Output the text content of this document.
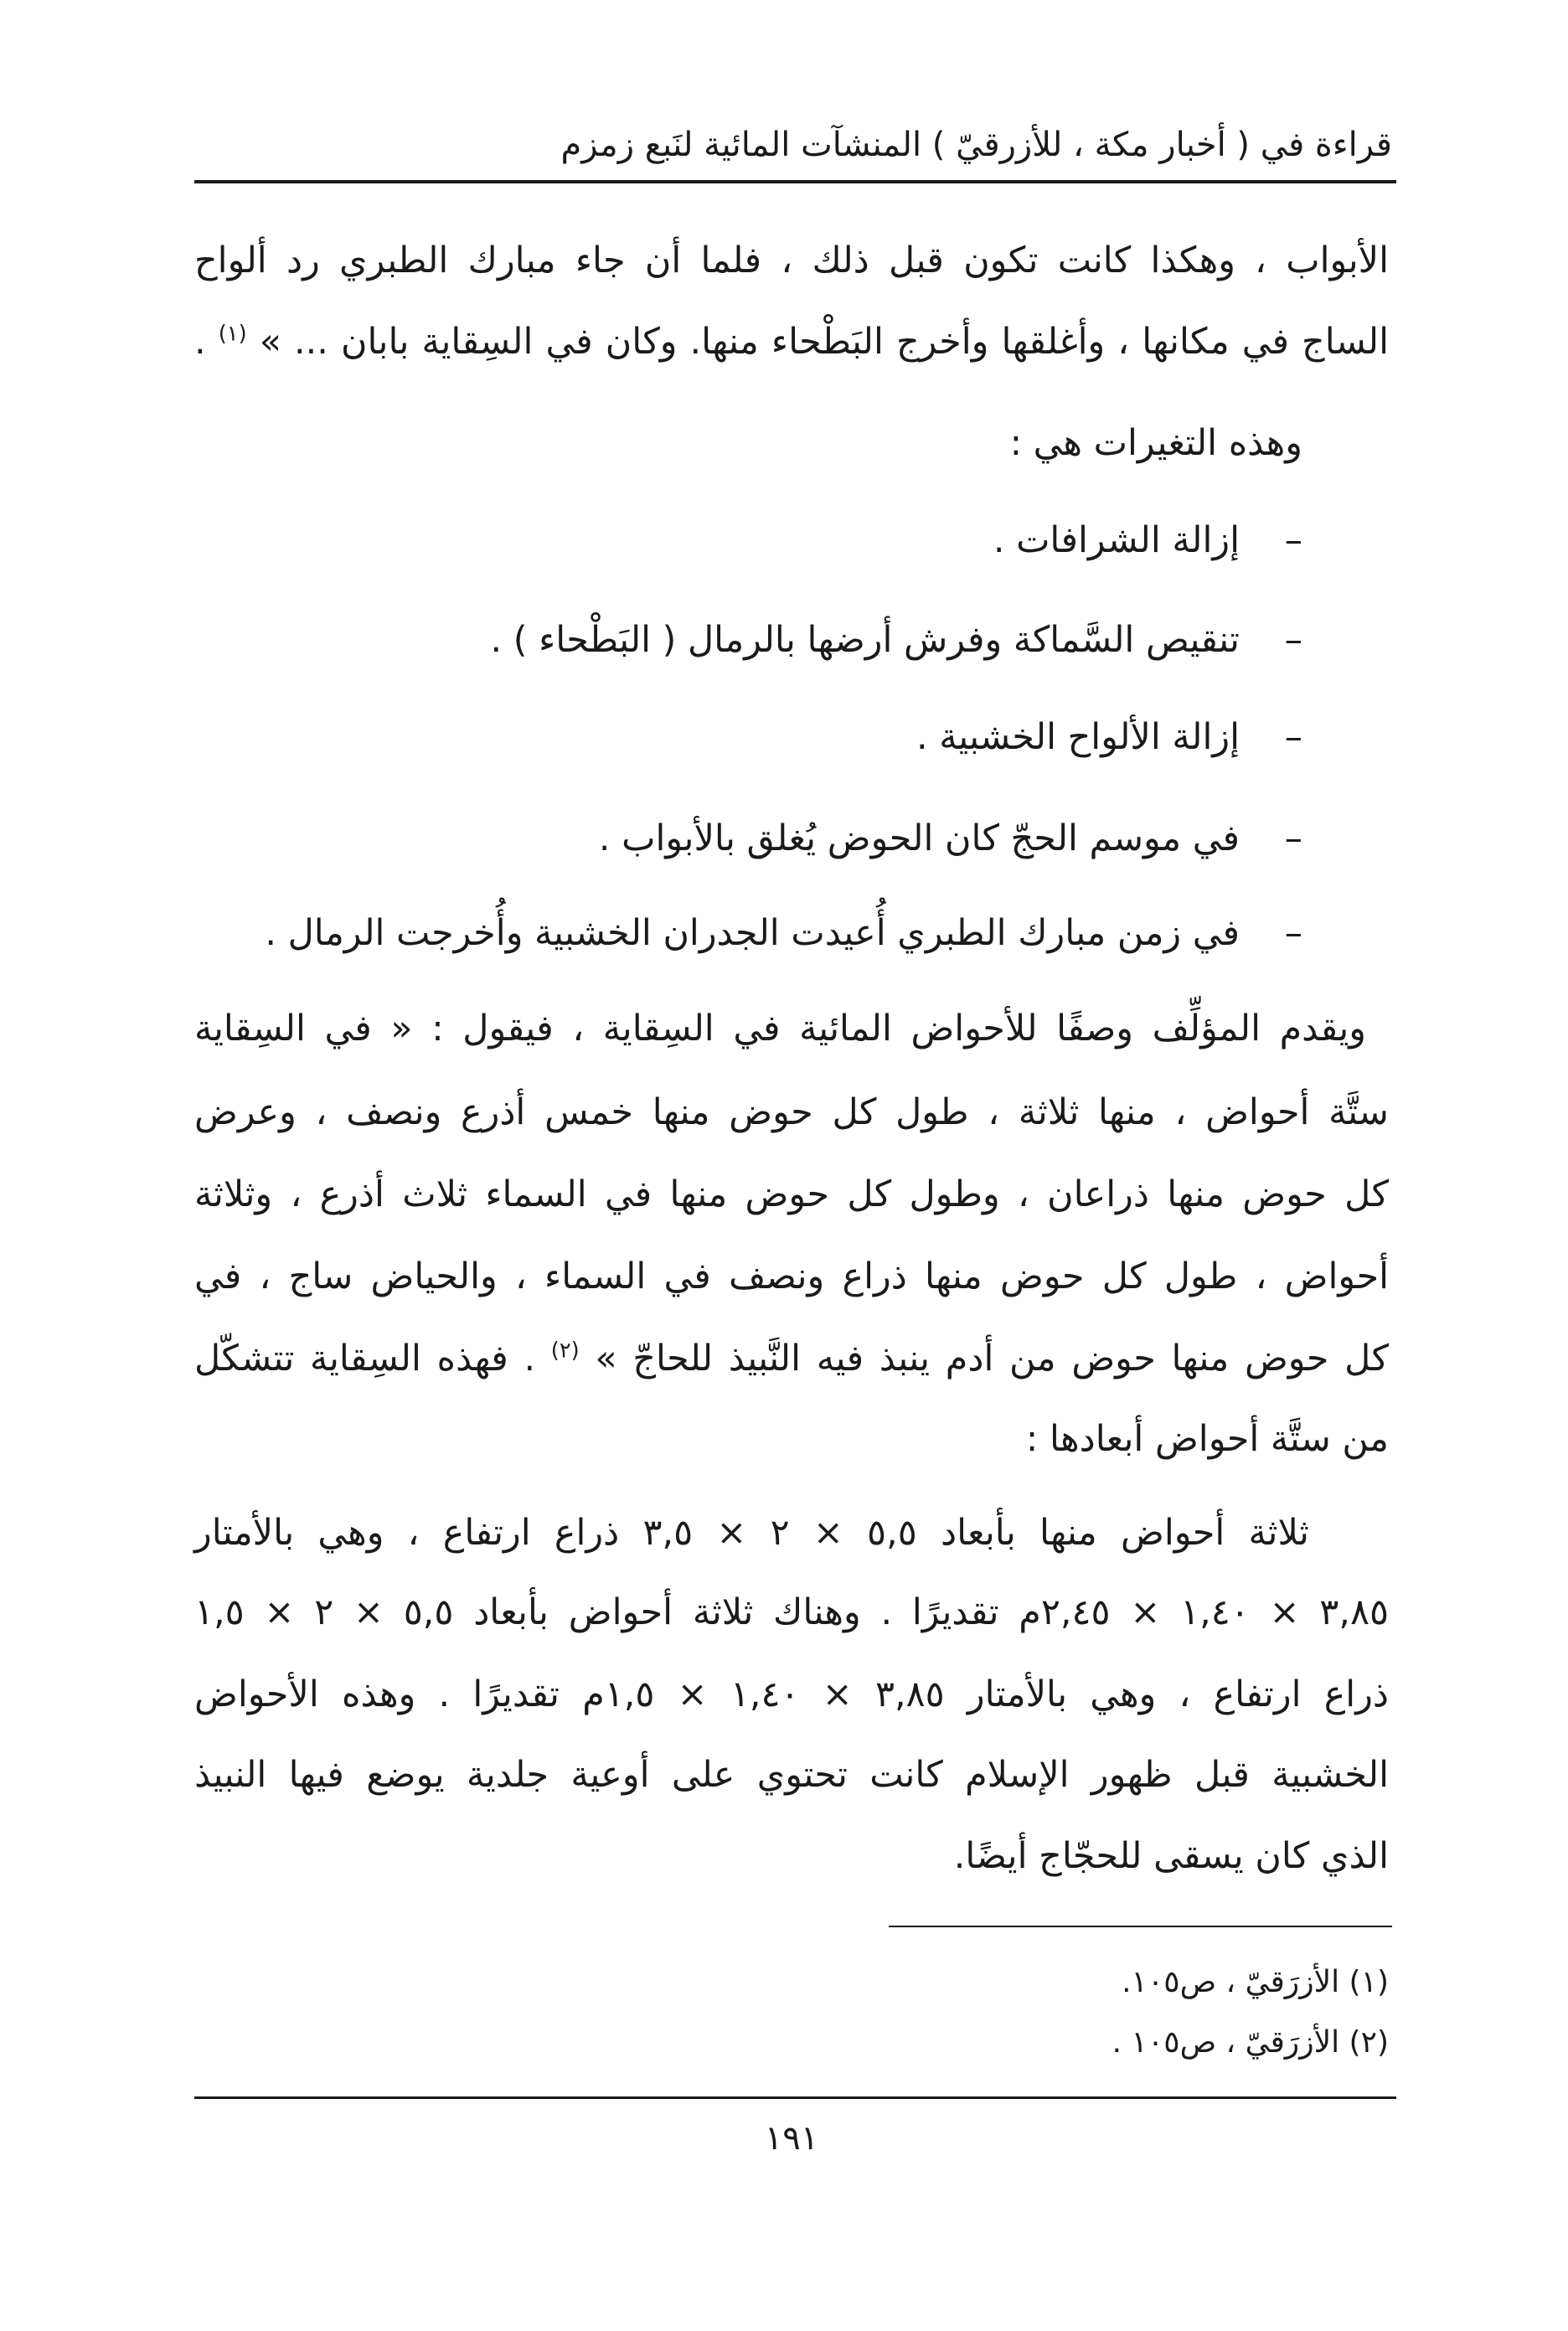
قراءة في ( أخبار مكة ، للأزرقيّ ) المنشآت المائية لنَبع زمزم
الأبواب ، وهكذا كانت تكون قبل ذلك ، فلما أن جاء مبارك الطبري رد ألواح
الساج في مكانها ، وأغلقها وأخرج البَطْحاء منها. وكان في السِقاية بابان ... » $^{(١)}$ .
وهذه التغيرات هي :
–إزالة الشرافات .
–تنقيص السَّماكة وفرش أرضها بالرمال ( البَطْحاء ) .
–إزالة الألواح الخشبية .
–في موسم الحجّ كان الحوض يُغلق بالأبواب .
–في زمن مبارك الطبري أُعيدت الجدران الخشبية وأُخرجت الرمال .
ويقدم المؤلِّف وصفًا للأحواض المائية في السِقاية ، فيقول : « في السِقاية
ستَّة أحواض ، منها ثلاثة ، طول كل حوض منها خمس أذرع ونصف ، وعرض
كل حوض منها ذراعان ، وطول كل حوض منها في السماء ثلاث أذرع ، وثلاثة
أحواض ، طول كل حوض منها ذراع ونصف في السماء ، والحياض ساج ، في
كل حوض منها حوض من أدم ينبذ فيه النَّبيذ للحاجّ » $^{(٢)}$ . فهذه السِقاية تتشكّل
من ستَّة أحواض أبعادها :
ثلاثة أحواض منها بأبعاد ٥,٥ × ٢ × ٣,٥ ذراع ارتفاع ، وهي بالأمتار
٣,٨٥ × ١,٤٠ × ٢,٤٥م تقديرًا . وهناك ثلاثة أحواض بأبعاد ٥,٥ × ٢ × ١,٥
ذراع ارتفاع ، وهي بالأمتار ٣,٨٥ × ١,٤٠ × ١,٥م تقديرًا . وهذه الأحواض
الخشبية قبل ظهور الإسلام كانت تحتوي على أوعية جلدية يوضع فيها النبيذ
الذي كان يسقى للحجّاج أيضًا.
(١) الأزرَقيّ ، ص١٠٥.
(٢) الأزرَقيّ ، ص١٠٥ .
١٩١
